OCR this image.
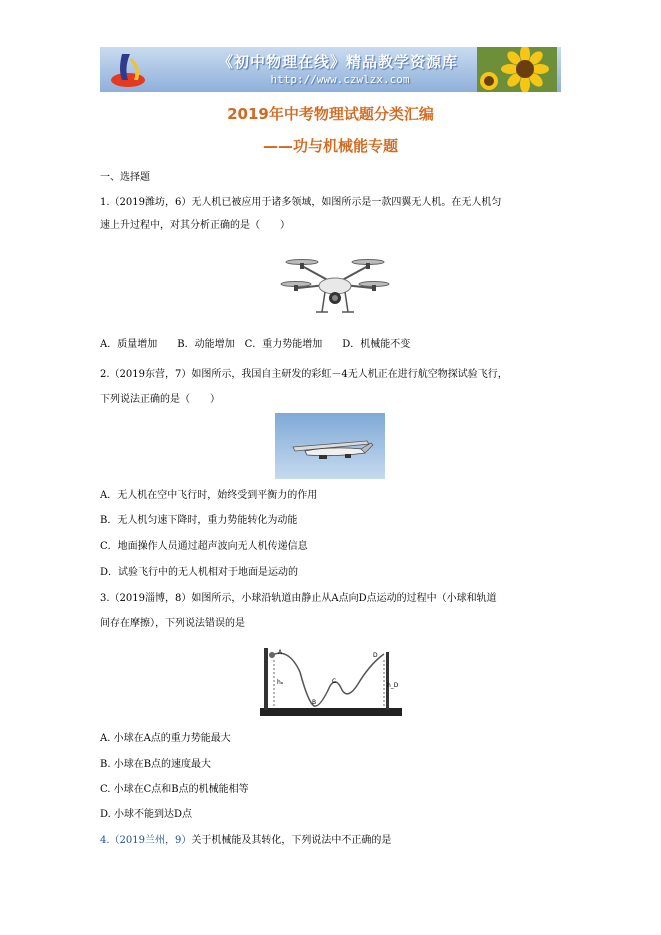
《初中物理在线》精品教学资源库
http://www.czwlzx.com
2019年中考物理试题分类汇编
——功与机械能专题
一、选择题
1.（2019潍坊，6）无人机已被应用于诸多领域，如图所示是一款四翼无人机。在无人机匀
速上升过程中，对其分析正确的是（　　）
A．质量增加　　B．动能增加　C．重力势能增加　　D．机械能不变
2.（2019东营，7）如图所示，我国自主研发的彩虹－4无人机正在进行航空物探试验飞行，
下列说法正确的是（　　）
A．无人机在空中飞行时，始终受到平衡力的作用
B．无人机匀速下降时，重力势能转化为动能
C．地面操作人员通过超声波向无人机传递信息
D．试验飞行中的无人机相对于地面是运动的
3.（2019淄博，8）如图所示，小球沿轨道由静止从A点向D点运动的过程中（小球和轨道
间存在摩擦），下列说法错误的是
A
hₐ
B
C
D
h_D
A. 小球在A点的重力势能最大
B. 小球在B点的速度最大
C. 小球在C点和B点的机械能相等
D. 小球不能到达D点
4.（2019兰州，9）关于机械能及其转化，下列说法中不正确的是
